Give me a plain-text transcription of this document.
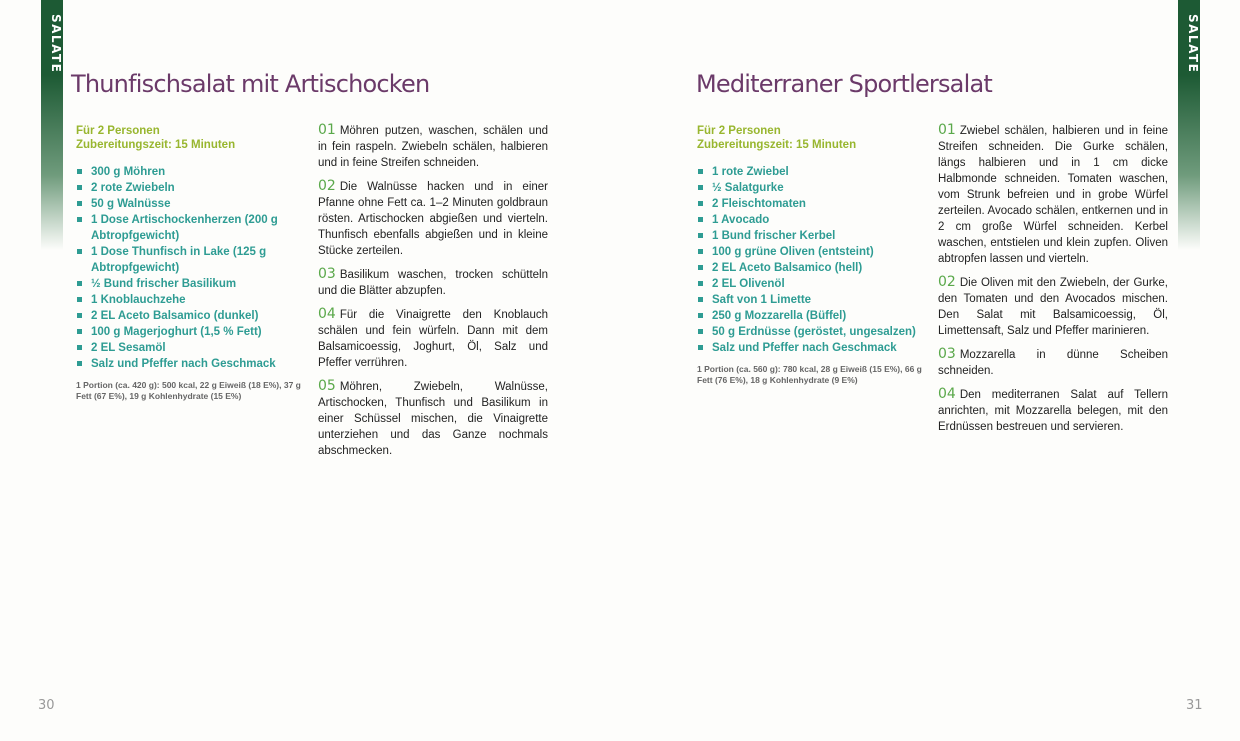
SALATE	SALATE
Thunfischsalat mit Artischocken
Für 2 Personen
Zubereitungszeit: 15 Minuten
300 g Möhren
2 rote Zwiebeln
50 g Walnüsse
1 Dose Artischockenherzen (200 g Abtropfgewicht)
1 Dose Thunfisch in Lake (125 g Abtropfgewicht)
½ Bund frischer Basilikum
1 Knoblauchzehe
2 EL Aceto Balsamico (dunkel)
100 g Magerjoghurt (1,5 % Fett)
2 EL Sesamöl
Salz und Pfeffer nach Geschmack
1 Portion (ca. 420 g): 500 kcal, 22 g Eiweiß (18 E%), 37 g Fett (67 E%), 19 g Kohlenhydrate (15 E%)

01 Möhren putzen, waschen, schälen und in fein raspeln. Zwiebeln schälen, halbieren und in feine Streifen schneiden.

02 Die Walnüsse hacken und in einer Pfanne ohne Fett ca. 1–2 Minuten goldbraun rösten. Artischocken abgießen und vierteln. Thunfisch ebenfalls abgießen und in kleine Stücke zerteilen.

03 Basilikum waschen, trocken schütteln und die Blätter abzupfen.

04 Für die Vinaigrette den Knoblauch schälen und fein würfeln. Dann mit dem Balsamicoessig, Joghurt, Öl, Salz und Pfeffer verrühren.

05 Möhren, Zwiebeln, Walnüsse, Artischocken, Thunfisch und Basilikum in einer Schüssel mischen, die Vinaigrette unterziehen und das Ganze nochmals abschmecken.

30
Mediterraner Sportlersalat
Für 2 Personen
Zubereitungszeit: 15 Minuten
1 rote Zwiebel
½ Salatgurke
2 Fleischtomaten
1 Avocado
1 Bund frischer Kerbel
100 g grüne Oliven (entsteint)
2 EL Aceto Balsamico (hell)
2 EL Olivenöl
Saft von 1 Limette
250 g Mozzarella (Büffel)
50 g Erdnüsse (geröstet, ungesalzen)
Salz und Pfeffer nach Geschmack
1 Portion (ca. 560 g): 780 kcal, 28 g Eiweiß (15 E%), 66 g Fett (76 E%), 18 g Kohlenhydrate (9 E%)

01 Zwiebel schälen, halbieren und in feine Streifen schneiden. Die Gurke schälen, längs halbieren und in 1 cm dicke Halbmonde schneiden. Tomaten waschen, vom Strunk befreien und in grobe Würfel zerteilen. Avocado schälen, entkernen und in 2 cm große Würfel schneiden. Kerbel waschen, entstielen und klein zupfen. Oliven abtropfen lassen und vierteln.

02 Die Oliven mit den Zwiebeln, der Gurke, den Tomaten und den Avocados mischen. Den Salat mit Balsamicoessig, Öl, Limettensaft, Salz und Pfeffer marinieren.

03 Mozzarella in dünne Scheiben schneiden.

04 Den mediterranen Salat auf Tellern anrichten, mit Mozzarella belegen, mit den Erdnüssen bestreuen und servieren.

31
